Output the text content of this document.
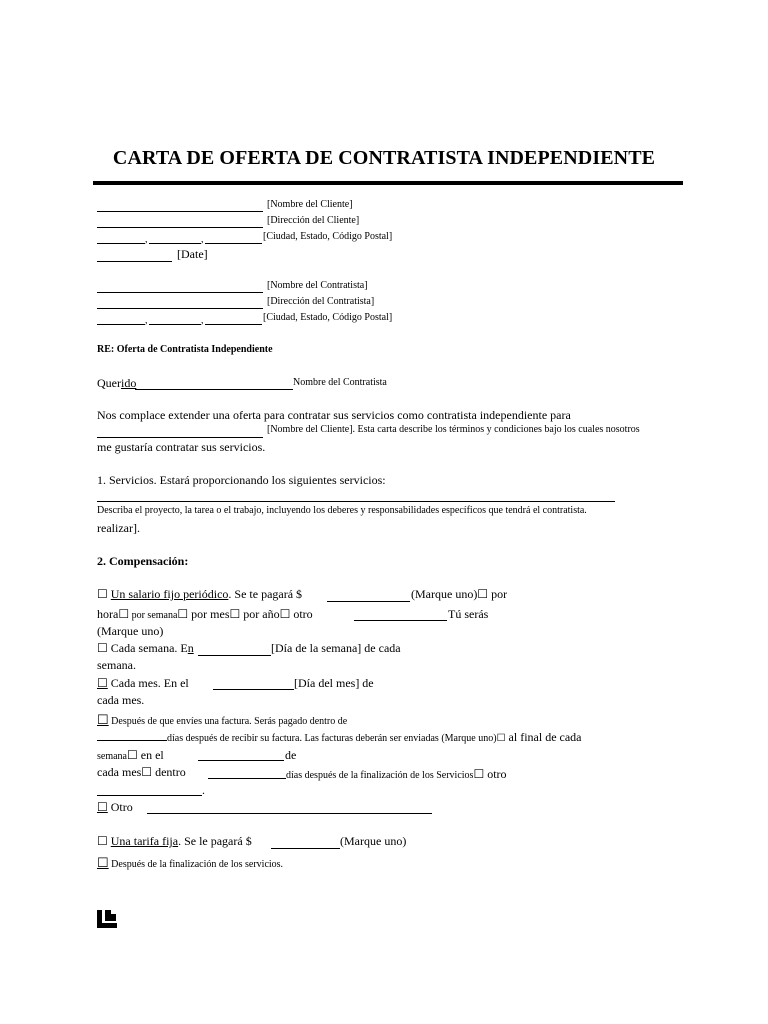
CARTA DE OFERTA DE CONTRATISTA INDEPENDIENTE
[Nombre del Cliente]
[Dirección del Cliente]
,	,	[Ciudad, Estado, Código Postal]
[Date]
[Nombre del Contratista]
[Dirección del Contratista]
,	,	[Ciudad, Estado, Código Postal]
RE: Oferta de Contratista Independiente
Querido	Nombre del Contratista
Nos complace extender una oferta para contratar sus servicios como contratista independiente para
[Nombre del Cliente]. Esta carta describe los términos y condiciones bajo los cuales nosotros
me gustaría contratar sus servicios.
1. Servicios. Estará proporcionando los siguientes servicios:
Describa el proyecto, la tarea o el trabajo, incluyendo los deberes y responsabilidades específicos que tendrá el contratista.
realizar].
2. Compensación:
☐ Un salario fijo periódico. Se te pagará $	(Marque uno)☐ por
hora☐ por semana☐ por mes☐ por año☐ otro	Tú serás
(Marque uno)
☐ Cada semana. En	[Día de la semana] de cada
semana.
☐ Cada mes. En el	[Día del mes] de
cada mes.
☐ Después de que envíes una factura. Serás pagado dentro de
días después de recibir su factura. Las facturas deberán ser enviadas (Marque uno)☐ al final de cada
semana☐ en el	de
cada mes☐ dentro	días después de la finalización de los Servicios☐ otro
.
☐ Otro
☐ Una tarifa fija. Se le pagará $	(Marque uno)
☐ Después de la finalización de los servicios.
